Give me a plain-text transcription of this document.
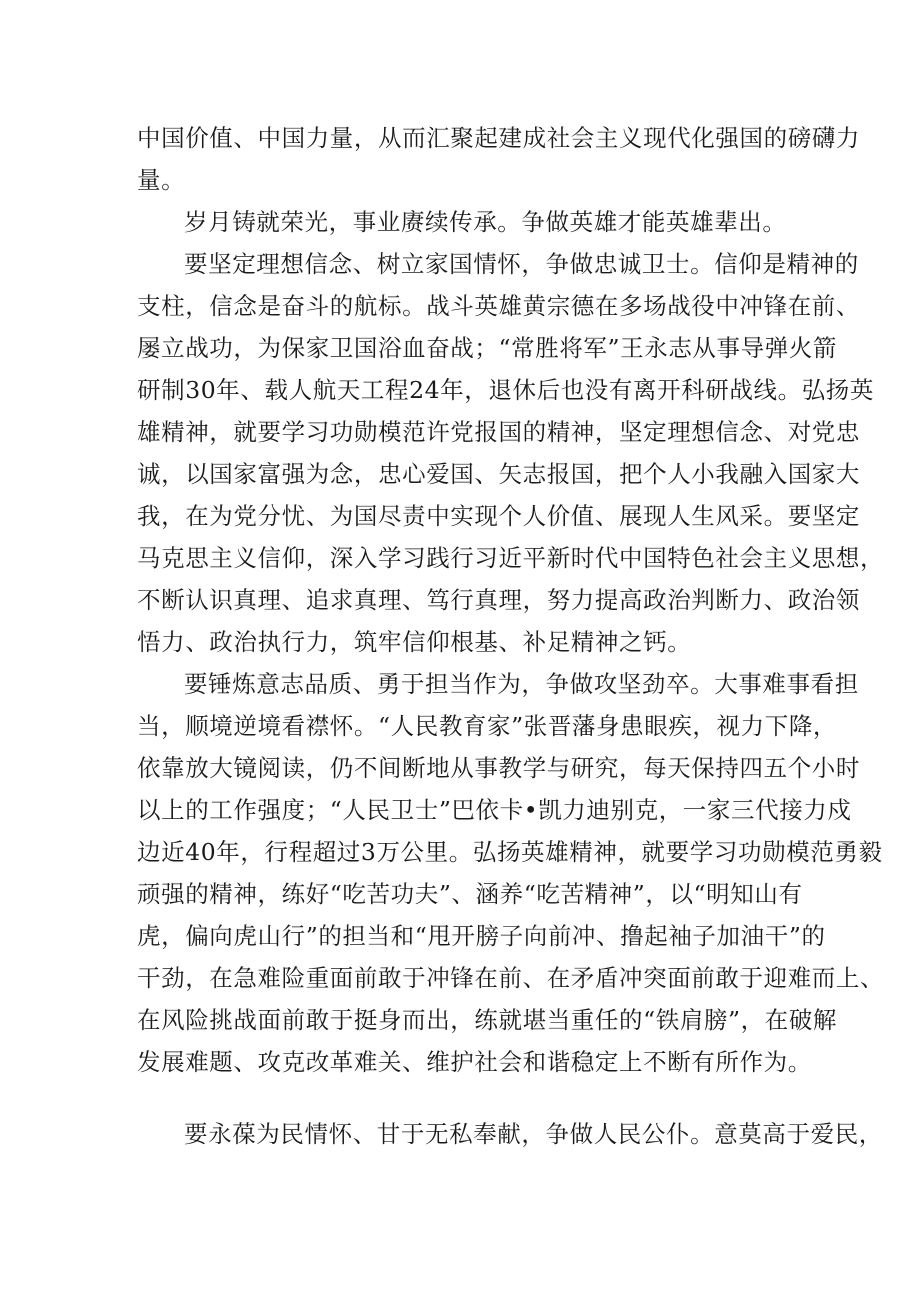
中国价值、中国力量，从而汇聚起建成社会主义现代化强国的磅礴力
量。
岁月铸就荣光，事业赓续传承。争做英雄才能英雄辈出。
要坚定理想信念、树立家国情怀，争做忠诚卫士。信仰是精神的
支柱，信念是奋斗的航标。战斗英雄黄宗德在多场战役中冲锋在前、
屡立战功，为保家卫国浴血奋战；“常胜将军”王永志从事导弹火箭
研制30年、载人航天工程24年，退休后也没有离开科研战线。弘扬英
雄精神，就要学习功勋模范许党报国的精神，坚定理想信念、对党忠
诚，以国家富强为念，忠心爱国、矢志报国，把个人小我融入国家大
我，在为党分忧、为国尽责中实现个人价值、展现人生风采。要坚定
马克思主义信仰，深入学习践行习近平新时代中国特色社会主义思想，
不断认识真理、追求真理、笃行真理，努力提高政治判断力、政治领
悟力、政治执行力，筑牢信仰根基、补足精神之钙。
要锤炼意志品质、勇于担当作为，争做攻坚劲卒。大事难事看担
当，顺境逆境看襟怀。“人民教育家”张晋藩身患眼疾，视力下降，
依靠放大镜阅读，仍不间断地从事教学与研究，每天保持四五个小时
以上的工作强度；“人民卫士”巴依卡•凯力迪别克，一家三代接力戍
边近40年，行程超过3万公里。弘扬英雄精神，就要学习功勋模范勇毅
顽强的精神，练好“吃苦功夫”、涵养“吃苦精神”，以“明知山有
虎，偏向虎山行”的担当和“甩开膀子向前冲、撸起袖子加油干”的
干劲，在急难险重面前敢于冲锋在前、在矛盾冲突面前敢于迎难而上、
在风险挑战面前敢于挺身而出，练就堪当重任的“铁肩膀”，在破解
发展难题、攻克改革难关、维护社会和谐稳定上不断有所作为。
要永葆为民情怀、甘于无私奉献，争做人民公仆。意莫高于爱民，
